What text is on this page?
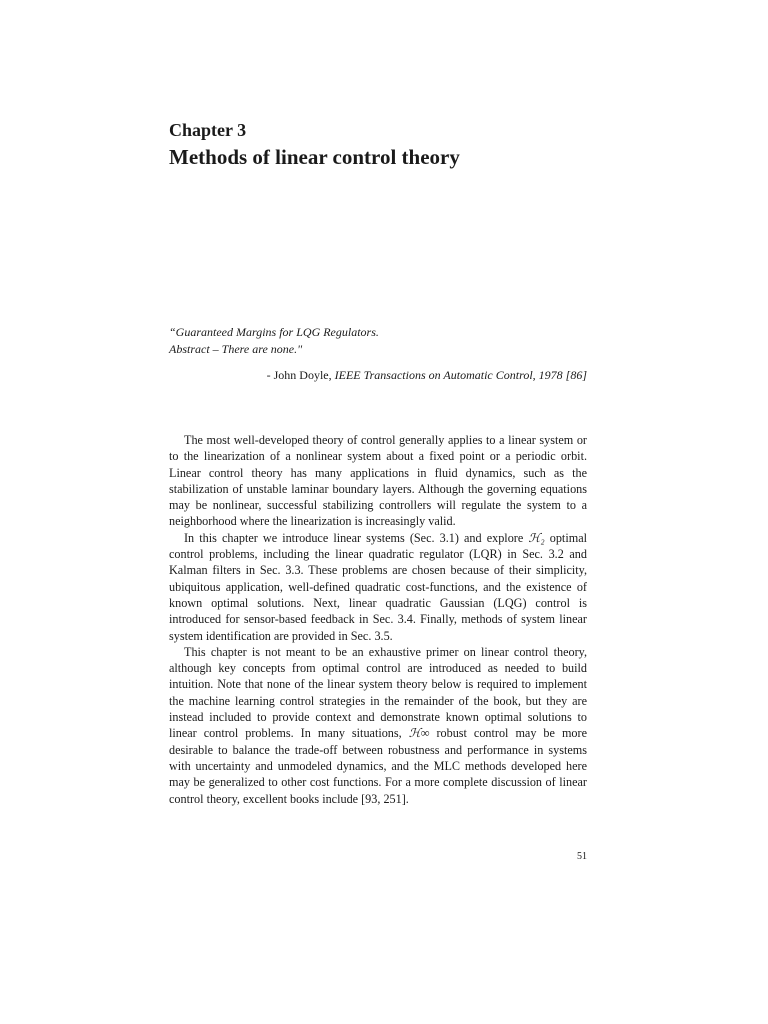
Chapter 3
Methods of linear control theory
“Guaranteed Margins for LQG Regulators.
Abstract – There are none."
- John Doyle, IEEE Transactions on Automatic Control, 1978 [86]

The most well-developed theory of control generally applies to a linear system or to the linearization of a nonlinear system about a fixed point or a periodic orbit. Linear control theory has many applications in fluid dynamics, such as the stabilization of unstable laminar boundary layers. Although the governing equations may be nonlinear, successful stabilizing controllers will regulate the system to a neighborhood where the linearization is increasingly valid.

In this chapter we introduce linear systems (Sec. 3.1) and explore ℋ₂ optimal control problems, including the linear quadratic regulator (LQR) in Sec. 3.2 and Kalman filters in Sec. 3.3. These problems are chosen because of their simplicity, ubiquitous application, well-defined quadratic cost-functions, and the existence of known optimal solutions. Next, linear quadratic Gaussian (LQG) control is introduced for sensor-based feedback in Sec. 3.4. Finally, methods of system linear system identification are provided in Sec. 3.5.

This chapter is not meant to be an exhaustive primer on linear control theory, although key concepts from optimal control are introduced as needed to build intuition. Note that none of the linear system theory below is required to implement the machine learning control strategies in the remainder of the book, but they are instead included to provide context and demonstrate known optimal solutions to linear control problems. In many situations, ℋ∞ robust control may be more desirable to balance the trade-off between robustness and performance in systems with uncertainty and unmodeled dynamics, and the MLC methods developed here may be generalized to other cost functions. For a more complete discussion of linear control theory, excellent books include [93, 251].

51
